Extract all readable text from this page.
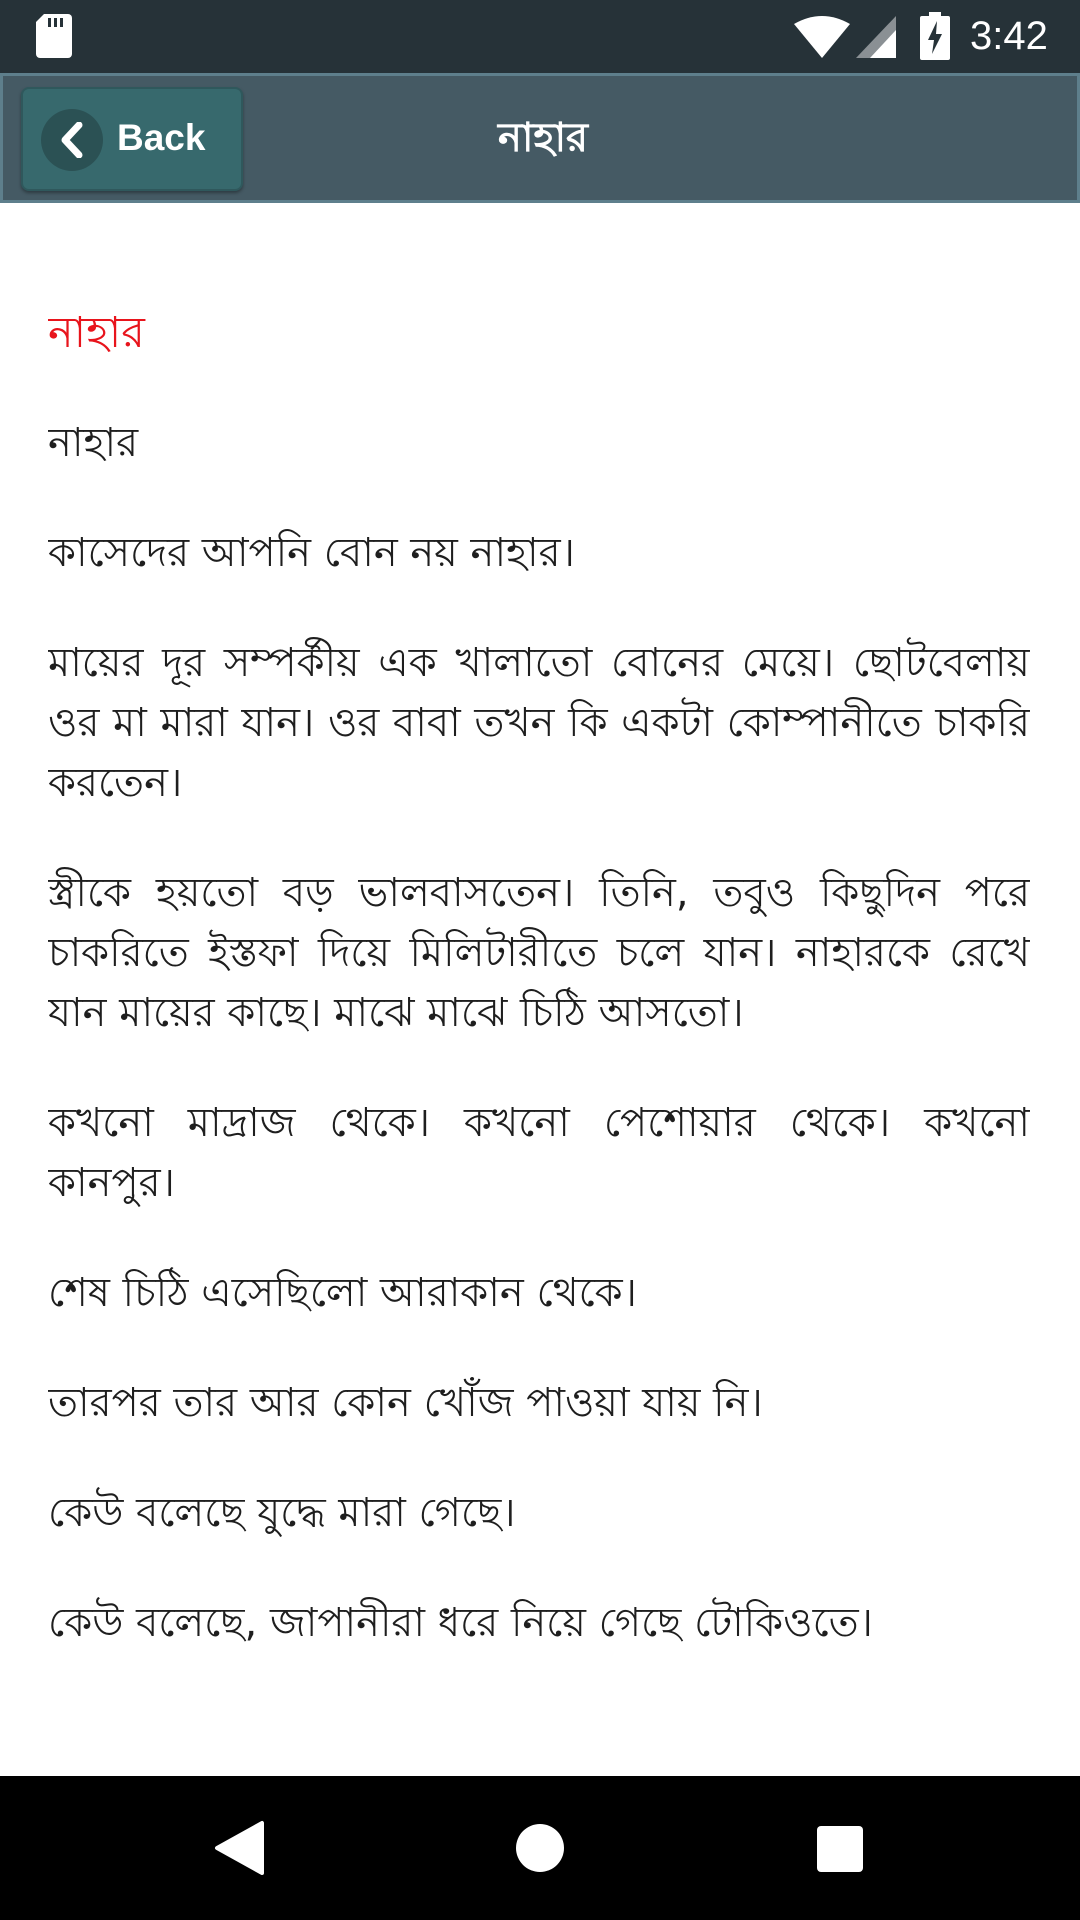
3:42
Back	নাহার
নাহার

নাহার

কাসেদের আপনি বোন নয় নাহার।

মায়ের দূর সম্পর্কীয় এক খালাতো বোনের মেয়ে। ছোটবেলায় ওর মা মারা যান। ওর বাবা তখন কি একটা কোম্পানীতে চাকরি করতেন।

স্ত্রীকে হয়তো বড় ভালবাসতেন। তিনি, তবুও কিছুদিন পরে চাকরিতে ইস্তফা দিয়ে মিলিটারীতে চলে যান। নাহারকে রেখে যান মায়ের কাছে। মাঝে মাঝে চিঠি আসতো।

কখনো মাদ্রাজ থেকে। কখনো পেশোয়ার থেকে। কখনো কানপুর।

শেষ চিঠি এসেছিলো আরাকান থেকে।

তারপর তার আর কোন খোঁজ পাওয়া যায় নি।

কেউ বলেছে যুদ্ধে মারা গেছে।

কেউ বলেছে, জাপানীরা ধরে নিয়ে গেছে টোকিওতে।
